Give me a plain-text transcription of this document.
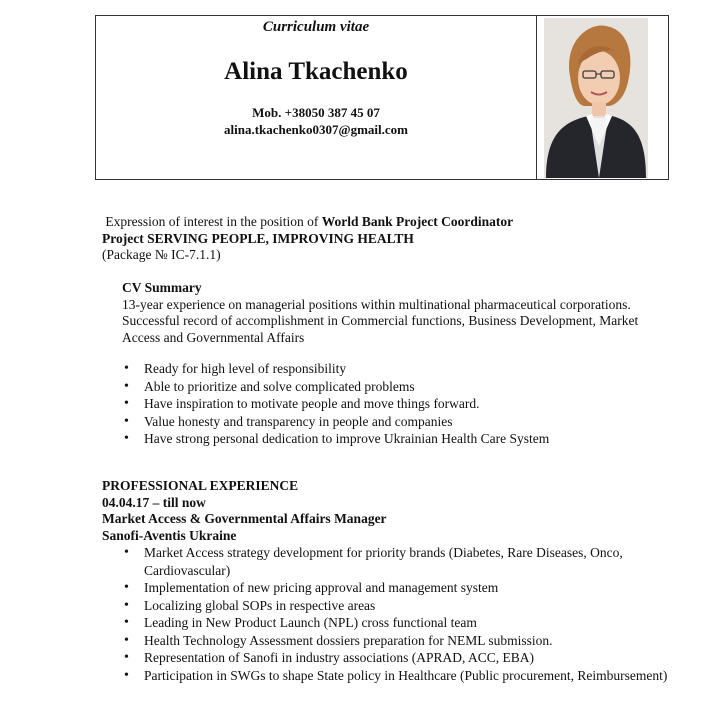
Curriculum vitae
Alina Tkachenko
Mob. +38050 387 45 07
alina.tkachenko0307@gmail.com
Expression of interest in the position of World Bank Project Coordinator
Project SERVING PEOPLE, IMPROVING HEALTH
(Package № IC-7.1.1)
CV Summary
13-year experience on managerial positions within multinational pharmaceutical corporations.
Successful record of accomplishment in Commercial functions, Business Development, Market
Access and Governmental Affairs
• Ready for high level of responsibility
• Able to prioritize and solve complicated problems
• Have inspiration to motivate people and move things forward.
• Value honesty and transparency in people and companies
• Have strong personal dedication to improve Ukrainian Health Care System
PROFESSIONAL EXPERIENCE
04.04.17 – till now
Market Access & Governmental Affairs Manager
Sanofi-Aventis Ukraine
• Market Access strategy development for priority brands (Diabetes, Rare Diseases, Onco, Cardiovascular)
• Implementation of new pricing approval and management system
• Localizing global SOPs in respective areas
• Leading in New Product Launch (NPL) cross functional team
• Health Technology Assessment dossiers preparation for NEML submission.
• Representation of Sanofi in industry associations (APRAD, ACC, EBA)
• Participation in SWGs to shape State policy in Healthcare (Public procurement, Reimbursement)
